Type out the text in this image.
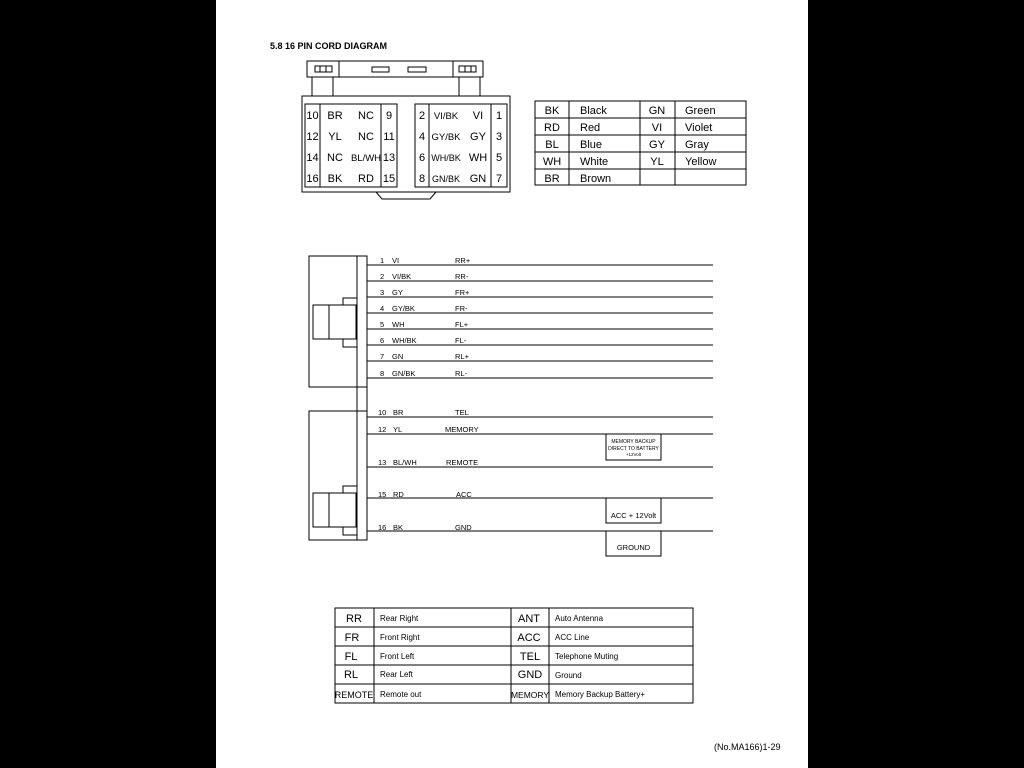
5.8 16 PIN CORD DIAGRAM
(No.MA166)1-29
10 BR NC 9
12 YL NC 11
14 NC BL/WH 13
16 BK RD 15
2 VI/BK VI 1
4 GY/BK GY 3
6 WH/BK WH 5
8 GN/BK GN 7
BK Black	GN Green
RD Red	VI Violet
BL Blue	GY Gray
WH White	YL Yellow
BR Brown
1 VI	RR+
2 VI/BK	RR-
3 GY	FR+
4 GY/BK	FR-
5 WH	FL+
6 WH/BK	FL-
7 GN	RL+
8 GN/BK	RL-
10 BR	TEL
12 YL	MEMORY
13 BL/WH	REMOTE
15 RD	ACC
16 BK	GND
MEMORY BACKUP
DIRECT TO BATTERY
+12Volt
ACC + 12Volt
GROUND
RR Rear Right	ANT Auto Antenna
FR	Front Right	ACC ACC Line
FL	Front Left	TEL Telephone Muting
RL	Rear Left	GND Ground
REMOTE Remote out	MEMORY Memory Backup Battery+
